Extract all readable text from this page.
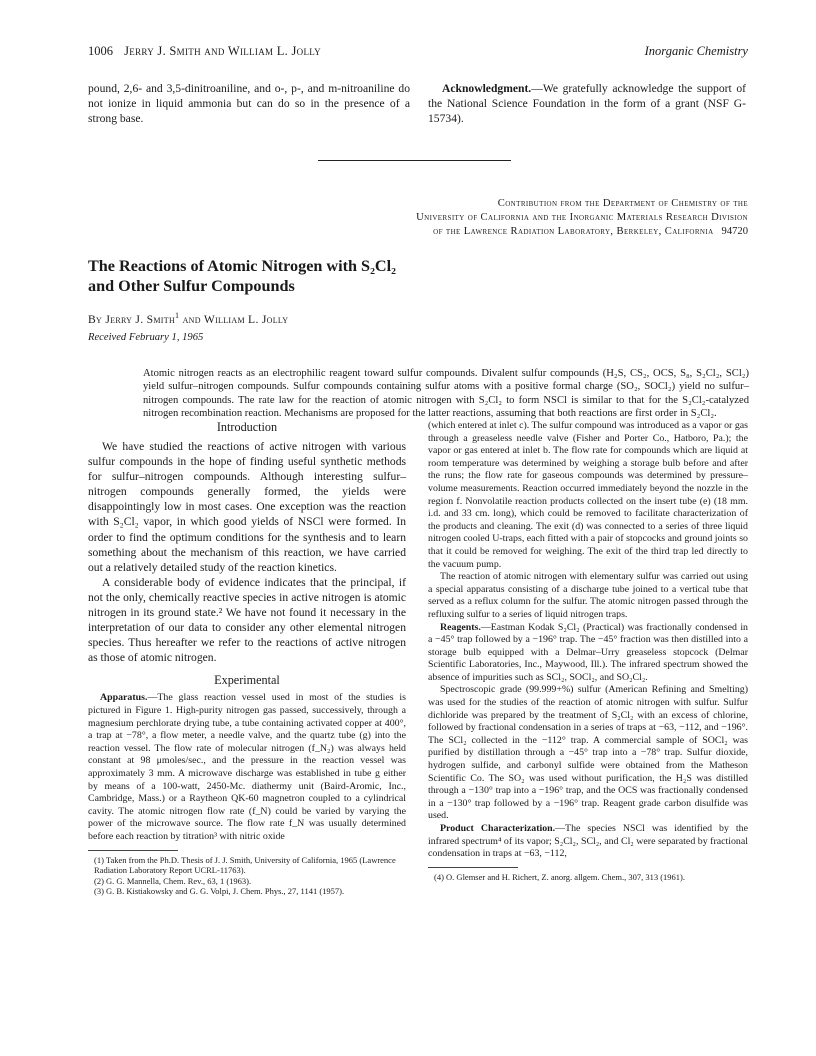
1006 Jerry J. Smith and William L. Jolly	Inorganic Chemistry

pound, 2,6- and 3,5-dinitroaniline, and o-, p-, and m-nitroaniline do not ionize in liquid ammonia but can do so in the presence of a strong base.

Acknowledgment.—We gratefully acknowledge the support of the National Science Foundation in the form of a grant (NSF G-15734).

Contribution from the Department of Chemistry of the
University of California and the Inorganic Materials Research Division
of the Lawrence Radiation Laboratory, Berkeley, California 94720
The Reactions of Atomic Nitrogen with S₂Cl₂
and Other Sulfur Compounds
By Jerry J. Smith$^1$ and William L. Jolly
Received February 1, 1965

Atomic nitrogen reacts as an electrophilic reagent toward sulfur compounds. Divalent sulfur compounds (H₂S, CS₂, OCS, S₈, S₂Cl₂, SCl₂) yield sulfur–nitrogen compounds. Sulfur compounds containing sulfur atoms with a positive formal charge (SO₂, SOCl₂) yield no sulfur–nitrogen compounds. The rate law for the reaction of atomic nitrogen with S₂Cl₂ to form NSCl is similar to that for the S₂Cl₂-catalyzed nitrogen recombination reaction. Mechanisms are proposed for the latter reactions, assuming that both reactions are first order in S₂Cl₂.

Introduction

We have studied the reactions of active nitrogen with various sulfur compounds in the hope of finding useful synthetic methods for sulfur–nitrogen compounds. Although interesting sulfur–nitrogen compounds generally formed, the yields were disappointingly low in most cases. One exception was the reaction with S₂Cl₂ vapor, in which good yields of NSCl were formed. In order to find the optimum conditions for the synthesis and to learn something about the mechanism of this reaction, we have carried out a relatively detailed study of the reaction kinetics.

A considerable body of evidence indicates that the principal, if not the only, chemically reactive species in active nitrogen is atomic nitrogen in its ground state.² We have not found it necessary in the interpretation of our data to consider any other elemental nitrogen species. Thus hereafter we refer to the reactions of active nitrogen as those of atomic nitrogen.

Experimental

Apparatus.—The glass reaction vessel used in most of the studies is pictured in Figure 1. High-purity nitrogen gas passed, successively, through a magnesium perchlorate drying tube, a tube containing activated copper at 400°, a trap at −78°, a flow meter, a needle valve, and the quartz tube (g) into the reaction vessel. The flow rate of molecular nitrogen (f_N₂) was always held constant at 98 μmoles/sec., and the pressure in the reaction vessel was approximately 3 mm. A microwave discharge was established in tube g either by means of a 100-watt, 2450-Mc. diathermy unit (Baird-Aromic, Inc., Cambridge, Mass.) or a Raytheon QK-60 magnetron coupled to a cylindrical cavity. The atomic nitrogen flow rate (f_N) could be varied by varying the power of the microwave source. The flow rate f_N was usually determined before each reaction by titration³ with nitric oxide

(1) Taken from the Ph.D. Thesis of J. J. Smith, University of California, 1965 (Lawrence Radiation Laboratory Report UCRL-11763).

(2) G. G. Mannella, Chem. Rev., 63, 1 (1963).

(3) G. B. Kistiakowsky and G. G. Volpi, J. Chem. Phys., 27, 1141 (1957).

(which entered at inlet c). The sulfur compound was introduced as a vapor or gas through a greaseless needle valve (Fisher and Porter Co., Hatboro, Pa.); the vapor or gas entered at inlet b. The flow rate for compounds which are liquid at room temperature was determined by weighing a storage bulb before and after the runs; the flow rate for gaseous compounds was determined by pressure–volume measurements. Reaction occurred immediately beyond the nozzle in the region f. Nonvolatile reaction products collected on the insert tube (e) (18 mm. i.d. and 33 cm. long), which could be removed to facilitate characterization of the products and cleaning. The exit (d) was connected to a series of three liquid nitrogen cooled U-traps, each fitted with a pair of stopcocks and ground joints so that it could be removed for weighing. The exit of the third trap led directly to the vacuum pump.

The reaction of atomic nitrogen with elementary sulfur was carried out using a special apparatus consisting of a discharge tube joined to a vertical tube that served as a reflux column for the sulfur. The atomic nitrogen passed through the refluxing sulfur to a series of liquid nitrogen traps.

Reagents.—Eastman Kodak S₂Cl₂ (Practical) was fractionally condensed in a −45° trap followed by a −196° trap. The −45° fraction was then distilled into a storage bulb equipped with a Delmar–Urry greaseless stopcock (Delmar Scientific Laboratories, Inc., Maywood, Ill.). The infrared spectrum showed the absence of impurities such as SCl₂, SOCl₂, and SO₂Cl₂.

Spectroscopic grade (99.999+%) sulfur (American Refining and Smelting) was used for the studies of the reaction of atomic nitrogen with sulfur. Sulfur dichloride was prepared by the treatment of S₂Cl₂ with an excess of chlorine, followed by fractional condensation in a series of traps at −63, −112, and −196°. The SCl₂ collected in the −112° trap. A commercial sample of SOCl₂ was purified by distillation through a −45° trap into a −78° trap. Sulfur dioxide, hydrogen sulfide, and carbonyl sulfide were obtained from the Matheson Scientific Co. The SO₂ was used without purification, the H₂S was distilled through a −130° trap into a −196° trap, and the OCS was fractionally condensed in a −130° trap followed by a −196° trap. Reagent grade carbon disulfide was used.

Product Characterization.—The species NSCl was identified by the infrared spectrum⁴ of its vapor; S₂Cl₂, SCl₂, and Cl₂ were separated by fractional condensation in traps at −63, −112,

(4) O. Glemser and H. Richert, Z. anorg. allgem. Chem., 307, 313 (1961).
